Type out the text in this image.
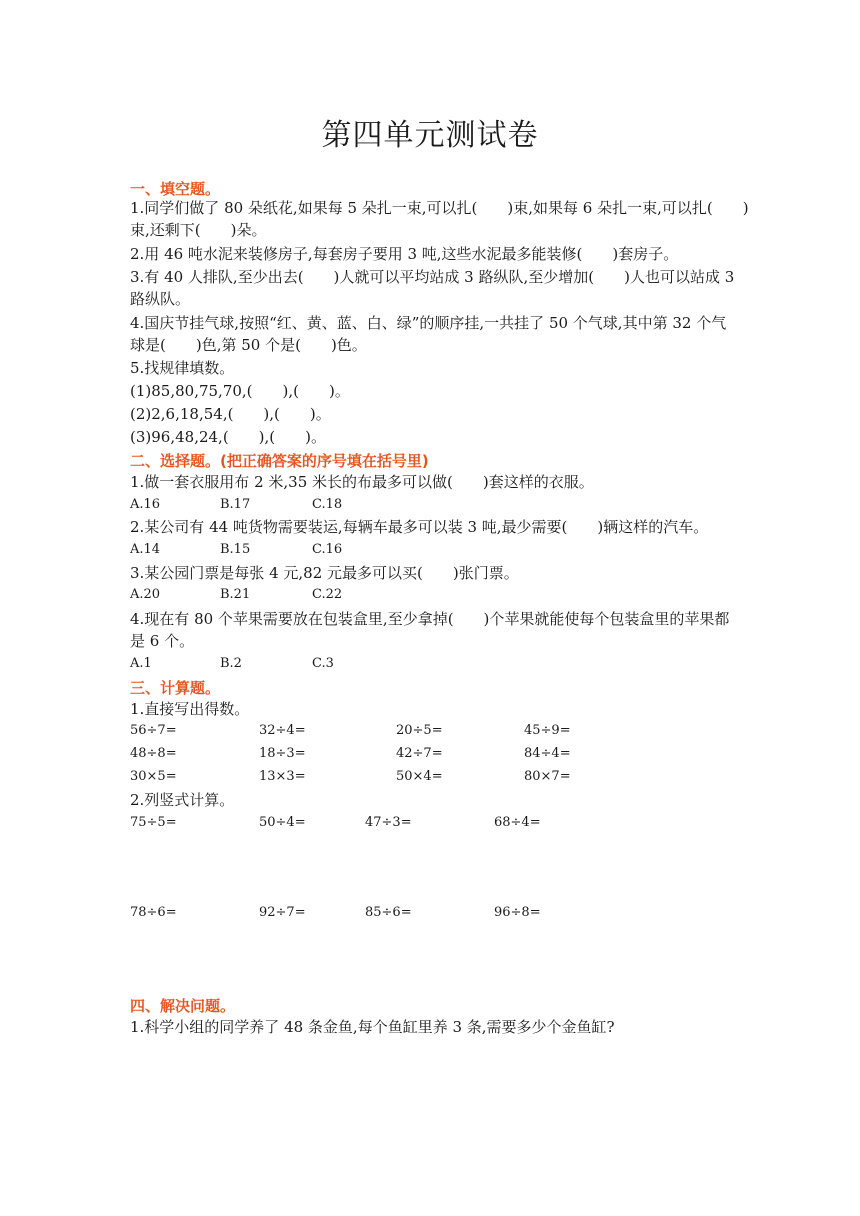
第四单元测试卷
一、填空题。
1.同学们做了 80 朵纸花,如果每 5 朵扎一束,可以扎(　　)束,如果每 6 朵扎一束,可以扎(　　)
束,还剩下(　　)朵。
2.用 46 吨水泥来装修房子,每套房子要用 3 吨,这些水泥最多能装修(　　)套房子。
3.有 40 人排队,至少出去(　　)人就可以平均站成 3 路纵队,至少增加(　　)人也可以站成 3
路纵队。
4.国庆节挂气球,按照“红、黄、蓝、白、绿”的顺序挂,一共挂了 50 个气球,其中第 32 个气
球是(　　)色,第 50 个是(　　)色。
5.找规律填数。
(1)85,80,75,70,(　　),(　　)。
(2)2,6,18,54,(　　),(　　)。
(3)96,48,24,(　　),(　　)。
二、选择题。(把正确答案的序号填在括号里)
1.做一套衣服用布 2 米,35 米长的布最多可以做(　　)套这样的衣服。
A.16	B.17	C.18
2.某公司有 44 吨货物需要装运,每辆车最多可以装 3 吨,最少需要(　　)辆这样的汽车。
A.14	B.15	C.16
3.某公园门票是每张 4 元,82 元最多可以买(　　)张门票。
A.20	B.21	C.22
4.现在有 80 个苹果需要放在包装盒里,至少拿掉(　　)个苹果就能使每个包装盒里的苹果都
是 6 个。
A.1	B.2	C.3
三、计算题。
1.直接写出得数。
56÷7=	32÷4=	20÷5=	45÷9=
48÷8=	18÷3=	42÷7=	84÷4=
30×5=	13×3=	50×4=	80×7=
2.列竖式计算。
75÷5=	50÷4=	47÷3=	68÷4=
78÷6=	92÷7=	85÷6=	96÷8=
四、解决问题。
1.科学小组的同学养了 48 条金鱼,每个鱼缸里养 3 条,需要多少个金鱼缸?
